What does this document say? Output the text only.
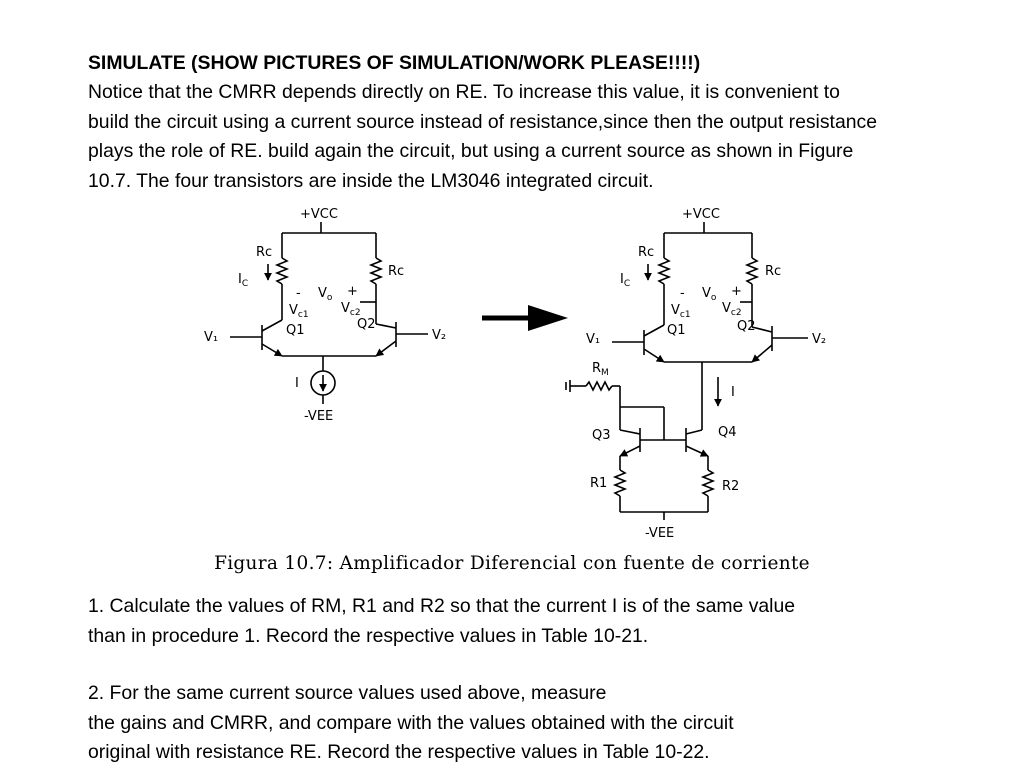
SIMULATE (SHOW PICTURES OF SIMULATION/WORK PLEASE!!!!)
Notice that the CMRR depends directly on RE. To increase this value, it is convenient to
build the circuit using a current source instead of resistance,since then the output resistance
plays the role of RE. build again the circuit, but using a current source as shown in Figure
10.7. The four transistors are inside the LM3046 integrated circuit.
+VCC
Rc
Rc
$I_C$
- $V_o$ +
$V_{c1}$ $V_{c2}$
Q1	Q2
V₁	V₂
I
-VEE
+VCC
Rc
Rc
$I_C$
- $V_o$ +
$V_{c1}$ $V_{c2}$
Q1	Q2
V₁	V₂
$R_M$
I
Q3	Q4
R1	R2
-VEE
Figura 10.7: Amplificador Diferencial con fuente de corriente
1. Calculate the values of RM, R1 and R2 so that the current I is of the same value
than in procedure 1. Record the respective values in Table 10-21.
2. For the same current source values used above, measure
the gains and CMRR, and compare with the values obtained with the circuit
original with resistance RE. Record the respective values in Table 10-22.
